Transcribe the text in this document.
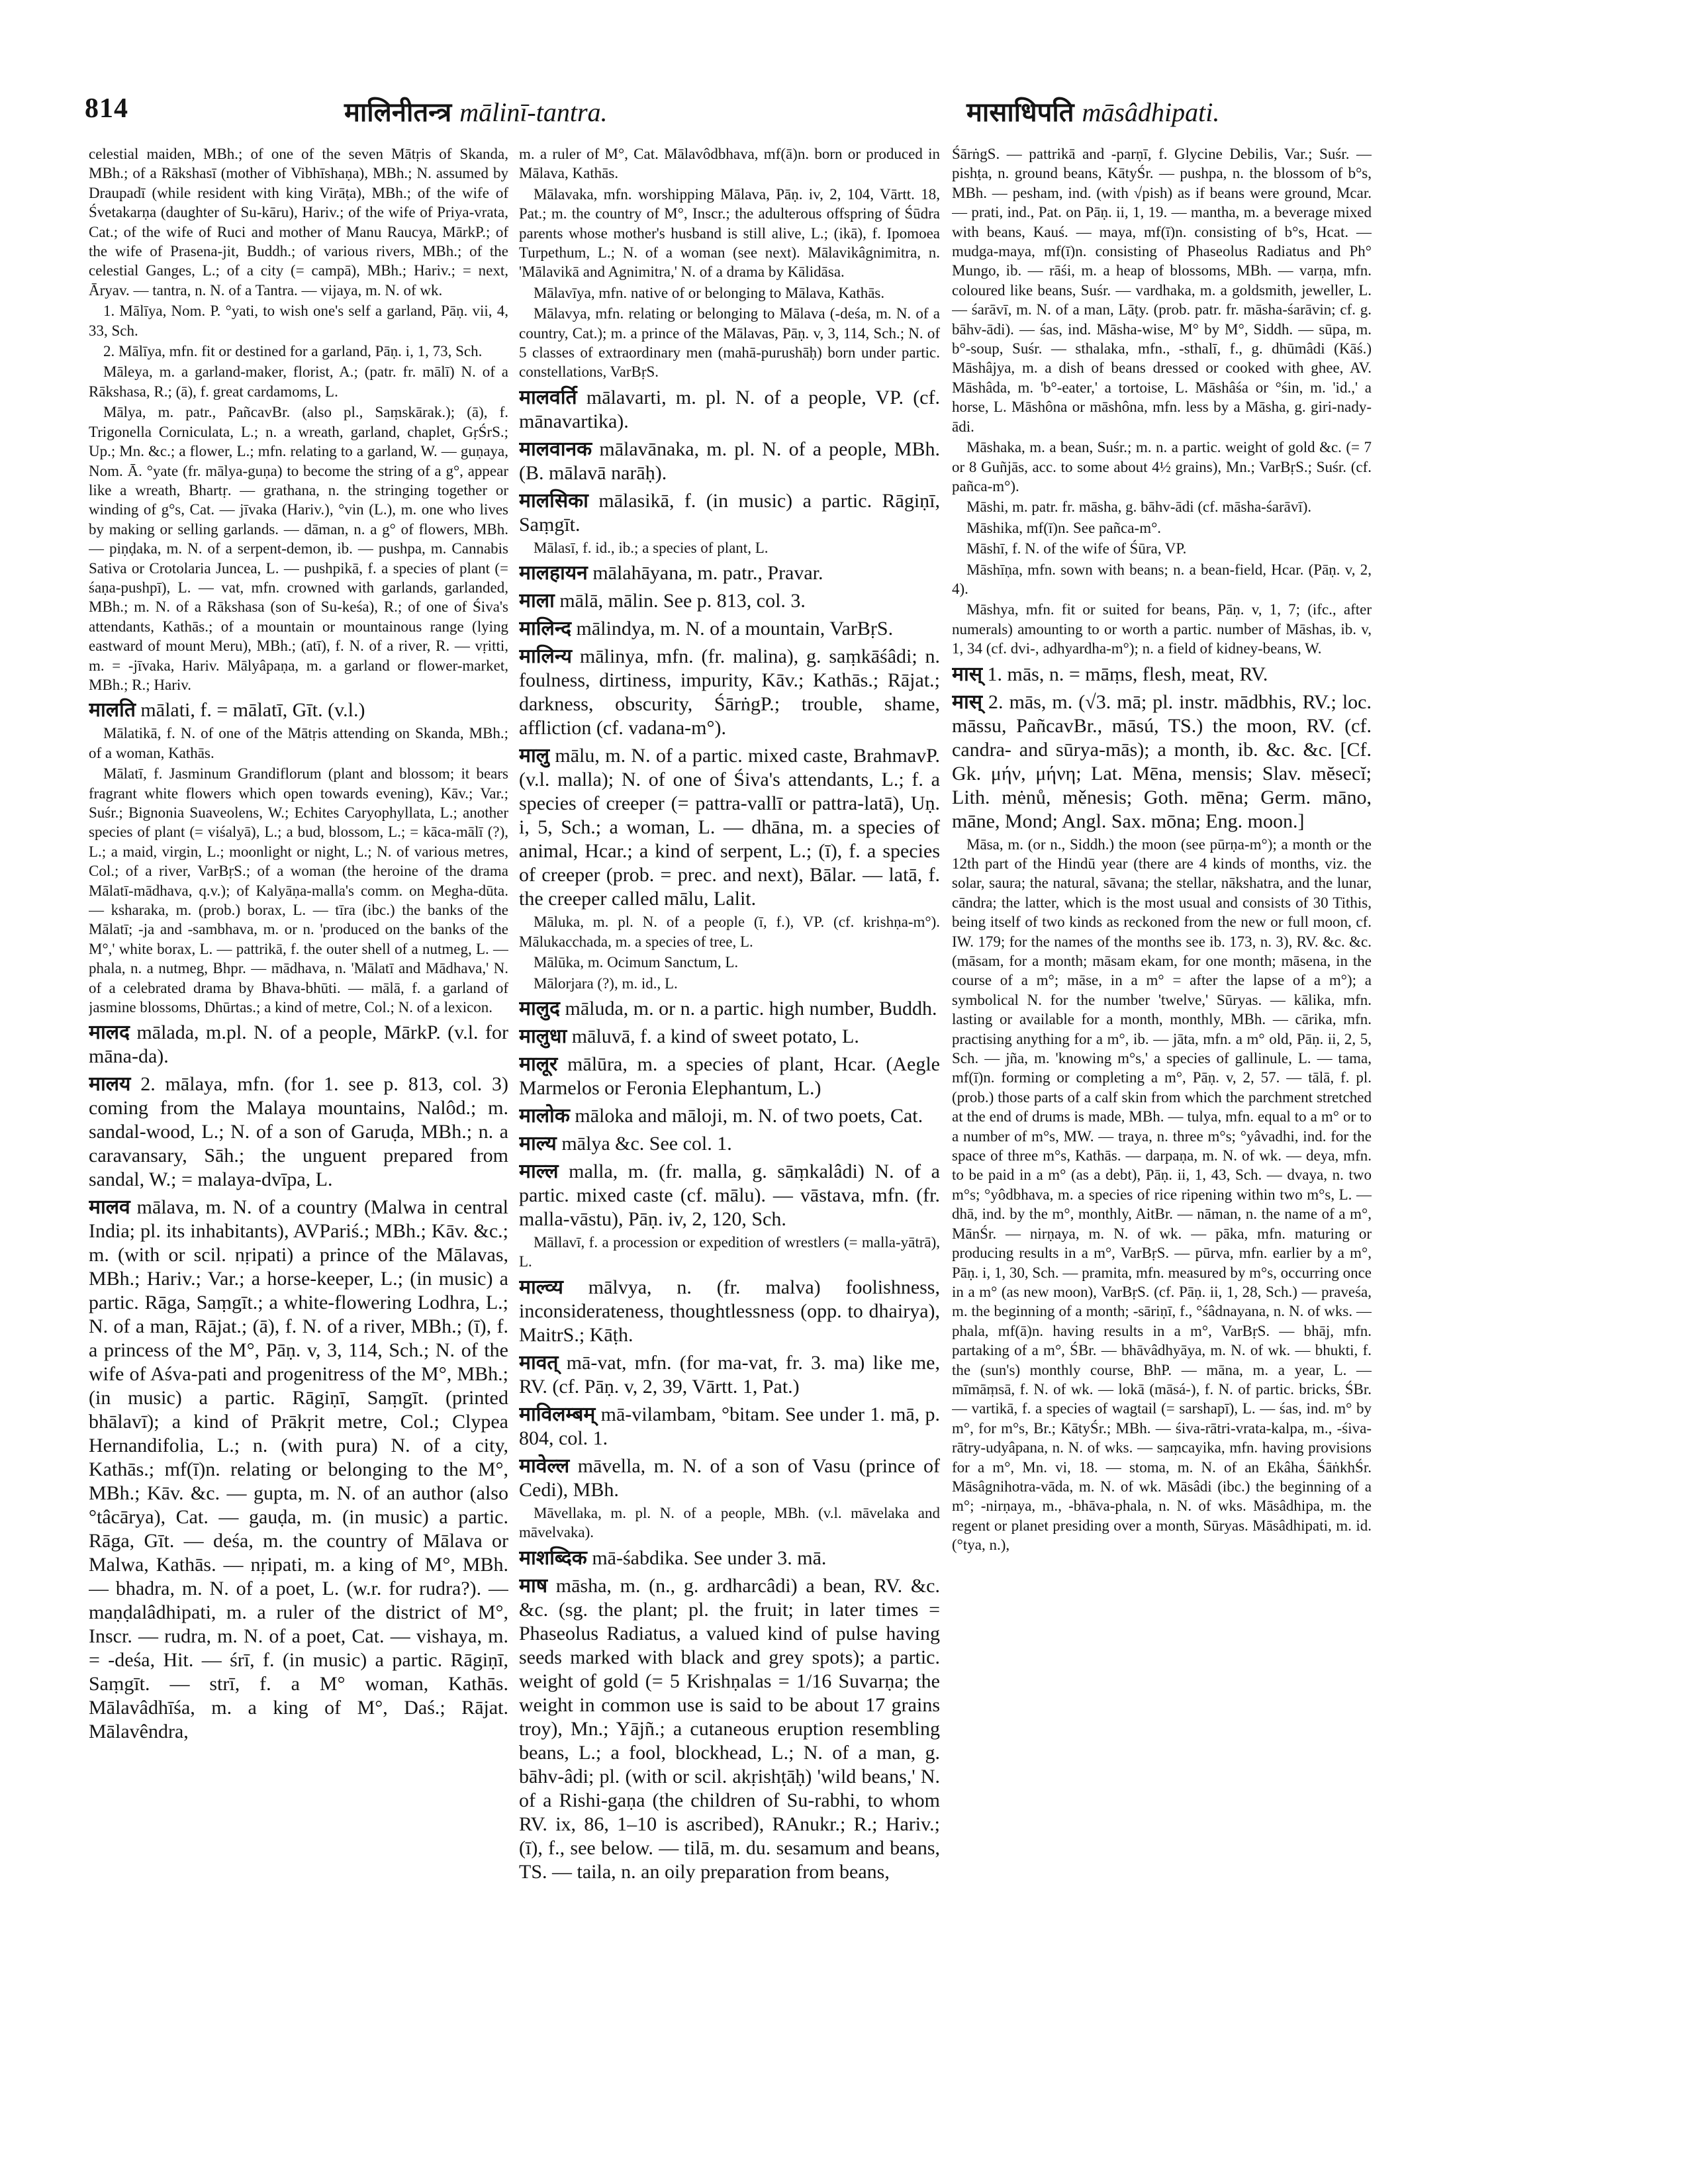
814	मालिनीतन्त्र mālinī-tantra.	मासाधिपति māsâdhipati.

celestial maiden, MBh.; of one of the seven Mātṛis of Skanda, MBh.; of a Rākshasī (mother of Vibhīshaṇa), MBh.; N. assumed by Draupadī (while resident with king Virāṭa), MBh.; of the wife of Śvetakarṇa (daughter of Su-kāru), Hariv.; of the wife of Priya-vrata, Cat.; of the wife of Ruci and mother of Manu Raucya, MārkP.; of the wife of Prasena-jit, Buddh.; of various rivers, MBh.; of the celestial Ganges, L.; of a city (= campā), MBh.; Hariv.; = next, Āryav. — tantra, n. N. of a Tantra. — vijaya, m. N. of wk.

1. Mālīya, Nom. P. °yati, to wish one's self a garland, Pāṇ. vii, 4, 33, Sch.

2. Mālīya, mfn. fit or destined for a garland, Pāṇ. i, 1, 73, Sch.

Māleya, m. a garland-maker, florist, A.; (patr. fr. mālī) N. of a Rākshasa, R.; (ā), f. great cardamoms, L.

Mālya, m. patr., PañcavBr. (also pl., Saṃskārak.); (ā), f. Trigonella Corniculata, L.; n. a wreath, garland, chaplet, GṛŚrS.; Up.; Mn. &c.; a flower, L.; mfn. relating to a garland, W. — guṇaya, Nom. Ā. °yate (fr. mālya-guṇa) to become the string of a g°, appear like a wreath, Bhartṛ. — grathana, n. the stringing together or winding of g°s, Cat. — jīvaka (Hariv.), °vin (L.), m. one who lives by making or selling garlands. — dāman, n. a g° of flowers, MBh. — piṇḍaka, m. N. of a serpent-demon, ib. — pushpa, m. Cannabis Sativa or Crotolaria Juncea, L. — pushpikā, f. a species of plant (= śaṇa-pushpī), L. — vat, mfn. crowned with garlands, garlanded, MBh.; m. N. of a Rākshasa (son of Su-keśa), R.; of one of Śiva's attendants, Kathās.; of a mountain or mountainous range (lying eastward of mount Meru), MBh.; (atī), f. N. of a river, R. — vṛitti, m. = -jīvaka, Hariv. Mālyâpaṇa, m. a garland or flower-market, MBh.; R.; Hariv.

मालति mālati, f. = mālatī, Gīt. (v.l.)

Mālatikā, f. N. of one of the Mātṛis attending on Skanda, MBh.; of a woman, Kathās.

Mālatī, f. Jasminum Grandiflorum (plant and blossom; it bears fragrant white flowers which open towards evening), Kāv.; Var.; Suśr.; Bignonia Suaveolens, W.; Echites Caryophyllata, L.; another species of plant (= viśalyā), L.; a bud, blossom, L.; = kāca-mālī (?), L.; a maid, virgin, L.; moonlight or night, L.; N. of various metres, Col.; of a river, VarBṛS.; of a woman (the heroine of the drama Mālatī-mādhava, q.v.); of Kalyāṇa-malla's comm. on Megha-dūta. — ksharaka, m. (prob.) borax, L. — tīra (ibc.) the banks of the Mālatī; -ja and -sambhava, m. or n. 'produced on the banks of the M°,' white borax, L. — pattrikā, f. the outer shell of a nutmeg, L. — phala, n. a nutmeg, Bhpr. — mādhava, n. 'Mālatī and Mādhava,' N. of a celebrated drama by Bhava-bhūti. — mālā, f. a garland of jasmine blossoms, Dhūrtas.; a kind of metre, Col.; N. of a lexicon.

मालद mālada, m.pl. N. of a people, MārkP. (v.l. for māna-da).

मालय 2. mālaya, mfn. (for 1. see p. 813, col. 3) coming from the Malaya mountains, Nalôd.; m. sandal-wood, L.; N. of a son of Garuḍa, MBh.; n. a caravansary, Sāh.; the unguent prepared from sandal, W.; = malaya-dvīpa, L.

मालव mālava, m. N. of a country (Malwa in central India; pl. its inhabitants), AVPariś.; MBh.; Kāv. &c.; m. (with or scil. nṛipati) a prince of the Mālavas, MBh.; Hariv.; Var.; a horse-keeper, L.; (in music) a partic. Rāga, Saṃgīt.; a white-flowering Lodhra, L.; N. of a man, Rājat.; (ā), f. N. of a river, MBh.; (ī), f. a princess of the M°, Pāṇ. v, 3, 114, Sch.; N. of the wife of Aśva-pati and progenitress of the M°, MBh.; (in music) a partic. Rāgiṇī, Saṃgīt. (printed bhālavī); a kind of Prākṛit metre, Col.; Clypea Hernandifolia, L.; n. (with pura) N. of a city, Kathās.; mf(ī)n. relating or belonging to the M°, MBh.; Kāv. &c. — gupta, m. N. of an author (also °tâcārya), Cat. — gauḍa, m. (in music) a partic. Rāga, Gīt. — deśa, m. the country of Mālava or Malwa, Kathās. — nṛipati, m. a king of M°, MBh. — bhadra, m. N. of a poet, L. (w.r. for rudra?). — maṇḍalâdhipati, m. a ruler of the district of M°, Inscr. — rudra, m. N. of a poet, Cat. — vishaya, m. = -deśa, Hit. — śrī, f. (in music) a partic. Rāgiṇī, Saṃgīt. — strī, f. a M° woman, Kathās. Mālavâdhīśa, m. a king of M°, Daś.; Rājat. Mālavêndra,

m. a ruler of M°, Cat. Mālavôdbhava, mf(ā)n. born or produced in Mālava, Kathās.

Mālavaka, mfn. worshipping Mālava, Pāṇ. iv, 2, 104, Vārtt. 18, Pat.; m. the country of M°, Inscr.; the adulterous offspring of Śūdra parents whose mother's husband is still alive, L.; (ikā), f. Ipomoea Turpethum, L.; N. of a woman (see next). Mālavikâgnimitra, n. 'Mālavikā and Agnimitra,' N. of a drama by Kālidāsa.

Mālavīya, mfn. native of or belonging to Mālava, Kathās.

Mālavya, mfn. relating or belonging to Mālava (-deśa, m. N. of a country, Cat.); m. a prince of the Mālavas, Pāṇ. v, 3, 114, Sch.; N. of 5 classes of extraordinary men (mahā-purushāḥ) born under partic. constellations, VarBṛS.

मालवर्ति mālavarti, m. pl. N. of a people, VP. (cf. mānavartika).

मालवानक mālavānaka, m. pl. N. of a people, MBh. (B. mālavā narāḥ).

मालसिका mālasikā, f. (in music) a partic. Rāgiṇī, Saṃgīt.

Mālasī, f. id., ib.; a species of plant, L.

मालहायन mālahāyana, m. patr., Pravar.

माला mālā, mālin. See p. 813, col. 3.

मालिन्द mālindya, m. N. of a mountain, VarBṛS.

मालिन्य mālinya, mfn. (fr. malina), g. saṃkāśâdi; n. foulness, dirtiness, impurity, Kāv.; Kathās.; Rājat.; darkness, obscurity, ŚārṅgP.; trouble, shame, affliction (cf. vadana-m°).

मालु mālu, m. N. of a partic. mixed caste, BrahmavP. (v.l. malla); N. of one of Śiva's attendants, L.; f. a species of creeper (= pattra-vallī or pattra-latā), Uṇ. i, 5, Sch.; a woman, L. — dhāna, m. a species of animal, Hcar.; a kind of serpent, L.; (ī), f. a species of creeper (prob. = prec. and next), Bālar. — latā, f. the creeper called mālu, Lalit.

Māluka, m. pl. N. of a people (ī, f.), VP. (cf. krishṇa-m°). Mālukacchada, m. a species of tree, L.

Mālūka, m. Ocimum Sanctum, L.

Mālorjara (?), m. id., L.

मालुद māluda, m. or n. a partic. high number, Buddh.

मालुधा māluvā, f. a kind of sweet potato, L.

मालूर mālūra, m. a species of plant, Hcar. (Aegle Marmelos or Feronia Elephantum, L.)

मालोक māloka and māloji, m. N. of two poets, Cat.

माल्य mālya &c. See col. 1.

माल्ल malla, m. (fr. malla, g. sāṃkalâdi) N. of a partic. mixed caste (cf. mālu). — vāstava, mfn. (fr. malla-vāstu), Pāṇ. iv, 2, 120, Sch.

Māllavī, f. a procession or expedition of wrestlers (= malla-yātrā), L.

माल्व्य mālvya, n. (fr. malva) foolishness, inconsiderateness, thoughtlessness (opp. to dhairya), MaitrS.; Kāṭh.

मावत् mā-vat, mfn. (for ma-vat, fr. 3. ma) like me, RV. (cf. Pāṇ. v, 2, 39, Vārtt. 1, Pat.)

माविलम्बम् mā-vilambam, °bitam. See under 1. mā, p. 804, col. 1.

मावेल्ल māvella, m. N. of a son of Vasu (prince of Cedi), MBh.

Māvellaka, m. pl. N. of a people, MBh. (v.l. māvelaka and māvelvaka).

माशब्दिक mā-śabdika. See under 3. mā.

माष māsha, m. (n., g. ardharcâdi) a bean, RV. &c. &c. (sg. the plant; pl. the fruit; in later times = Phaseolus Radiatus, a valued kind of pulse having seeds marked with black and grey spots); a partic. weight of gold (= 5 Krishṇalas = 1/16 Suvarṇa; the weight in common use is said to be about 17 grains troy), Mn.; Yājñ.; a cutaneous eruption resembling beans, L.; a fool, blockhead, L.; N. of a man, g. bāhv-âdi; pl. (with or scil. akṛishṭāḥ) 'wild beans,' N. of a Rishi-gaṇa (the children of Su-rabhi, to whom RV. ix, 86, 1–10 is ascribed), RAnukr.; R.; Hariv.; (ī), f., see below. — tilā, m. du. sesamum and beans, TS. — taila, n. an oily preparation from beans,

ŚārṅgS. — pattrikā and -parṇī, f. Glycine Debilis, Var.; Suśr. — pishṭa, n. ground beans, KātyŚr. — pushpa, n. the blossom of b°s, MBh. — pesham, ind. (with √pish) as if beans were ground, Mcar. — prati, ind., Pat. on Pāṇ. ii, 1, 19. — mantha, m. a beverage mixed with beans, Kauś. — maya, mf(ī)n. consisting of b°s, Hcat. — mudga-maya, mf(ī)n. consisting of Phaseolus Radiatus and Ph° Mungo, ib. — rāśi, m. a heap of blossoms, MBh. — varṇa, mfn. coloured like beans, Suśr. — vardhaka, m. a goldsmith, jeweller, L. — śarāvī, m. N. of a man, Lāṭy. (prob. patr. fr. māsha-śarāvin; cf. g. bāhv-ādi). — śas, ind. Māsha-wise, M° by M°, Siddh. — sūpa, m. b°-soup, Suśr. — sthalaka, mfn., -sthalī, f., g. dhūmâdi (Kāś.) Māshâjya, m. a dish of beans dressed or cooked with ghee, AV. Māshâda, m. 'b°-eater,' a tortoise, L. Māshâśa or °śin, m. 'id.,' a horse, L. Māshôna or māshôna, mfn. less by a Māsha, g. giri-nady-ādi.

Māshaka, m. a bean, Suśr.; m. n. a partic. weight of gold &c. (= 7 or 8 Guñjās, acc. to some about 4½ grains), Mn.; VarBṛS.; Suśr. (cf. pañca-m°).

Māshi, m. patr. fr. māsha, g. bāhv-ādi (cf. māsha-śarāvī).

Māshika, mf(ī)n. See pañca-m°.

Māshī, f. N. of the wife of Śūra, VP.

Māshīṇa, mfn. sown with beans; n. a bean-field, Hcar. (Pāṇ. v, 2, 4).

Māshya, mfn. fit or suited for beans, Pāṇ. v, 1, 7; (ifc., after numerals) amounting to or worth a partic. number of Māshas, ib. v, 1, 34 (cf. dvi-, adhyardha-m°); n. a field of kidney-beans, W.

मास् 1. mās, n. = māṃs, flesh, meat, RV.

मास् 2. mās, m. (√3. mā; pl. instr. mādbhis, RV.; loc. māssu, PañcavBr., māsú, TS.) the moon, RV. (cf. candra- and sūrya-mās); a month, ib. &c. &c. [Cf. Gk. μήν, μήνη; Lat. Mēna, mensis; Slav. mĕsecĭ; Lith. mėnů, měnesis; Goth. mēna; Germ. māno, māne, Mond; Angl. Sax. mōna; Eng. moon.]

Māsa, m. (or n., Siddh.) the moon (see pūrṇa-m°); a month or the 12th part of the Hindū year (there are 4 kinds of months, viz. the solar, saura; the natural, sāvana; the stellar, nākshatra, and the lunar, cāndra; the latter, which is the most usual and consists of 30 Tithis, being itself of two kinds as reckoned from the new or full moon, cf. IW. 179; for the names of the months see ib. 173, n. 3), RV. &c. &c. (māsam, for a month; māsam ekam, for one month; māsena, in the course of a m°; māse, in a m° = after the lapse of a m°); a symbolical N. for the number 'twelve,' Sūryas. — kālika, mfn. lasting or available for a month, monthly, MBh. — cārika, mfn. practising anything for a m°, ib. — jāta, mfn. a m° old, Pāṇ. ii, 2, 5, Sch. — jña, m. 'knowing m°s,' a species of gallinule, L. — tama, mf(ī)n. forming or completing a m°, Pāṇ. v, 2, 57. — tālā, f. pl. (prob.) those parts of a calf skin from which the parchment stretched at the end of drums is made, MBh. — tulya, mfn. equal to a m° or to a number of m°s, MW. — traya, n. three m°s; °yâvadhi, ind. for the space of three m°s, Kathās. — darpaṇa, m. N. of wk. — deya, mfn. to be paid in a m° (as a debt), Pāṇ. ii, 1, 43, Sch. — dvaya, n. two m°s; °yôdbhava, m. a species of rice ripening within two m°s, L. — dhā, ind. by the m°, monthly, AitBr. — nāman, n. the name of a m°, MānŚr. — nirṇaya, m. N. of wk. — pāka, mfn. maturing or producing results in a m°, VarBṛS. — pūrva, mfn. earlier by a m°, Pāṇ. i, 1, 30, Sch. — pramita, mfn. measured by m°s, occurring once in a m° (as new moon), VarBṛS. (cf. Pāṇ. ii, 1, 28, Sch.) — praveśa, m. the beginning of a month; -sāriṇī, f., °śâdnayana, n. N. of wks. — phala, mf(ā)n. having results in a m°, VarBṛS. — bhāj, mfn. partaking of a m°, ŚBr. — bhāvâdhyāya, m. N. of wk. — bhukti, f. the (sun's) monthly course, BhP. — māna, m. a year, L. — mīmāṃsā, f. N. of wk. — lokā (māsá-), f. N. of partic. bricks, ŚBr. — vartikā, f. a species of wagtail (= sarshapī), L. — śas, ind. m° by m°, for m°s, Br.; KātyŚr.; MBh. — śiva-rātri-vrata-kalpa, m., -śiva-rātry-udyâpana, n. N. of wks. — saṃcayika, mfn. having provisions for a m°, Mn. vi, 18. — stoma, m. N. of an Ekâha, ŚāṅkhŚr. Māsâgnihotra-vāda, m. N. of wk. Māsâdi (ibc.) the beginning of a m°; -nirṇaya, m., -bhāva-phala, n. N. of wks. Māsâdhipa, m. the regent or planet presiding over a month, Sūryas. Māsâdhipati, m. id. (°tya, n.),
